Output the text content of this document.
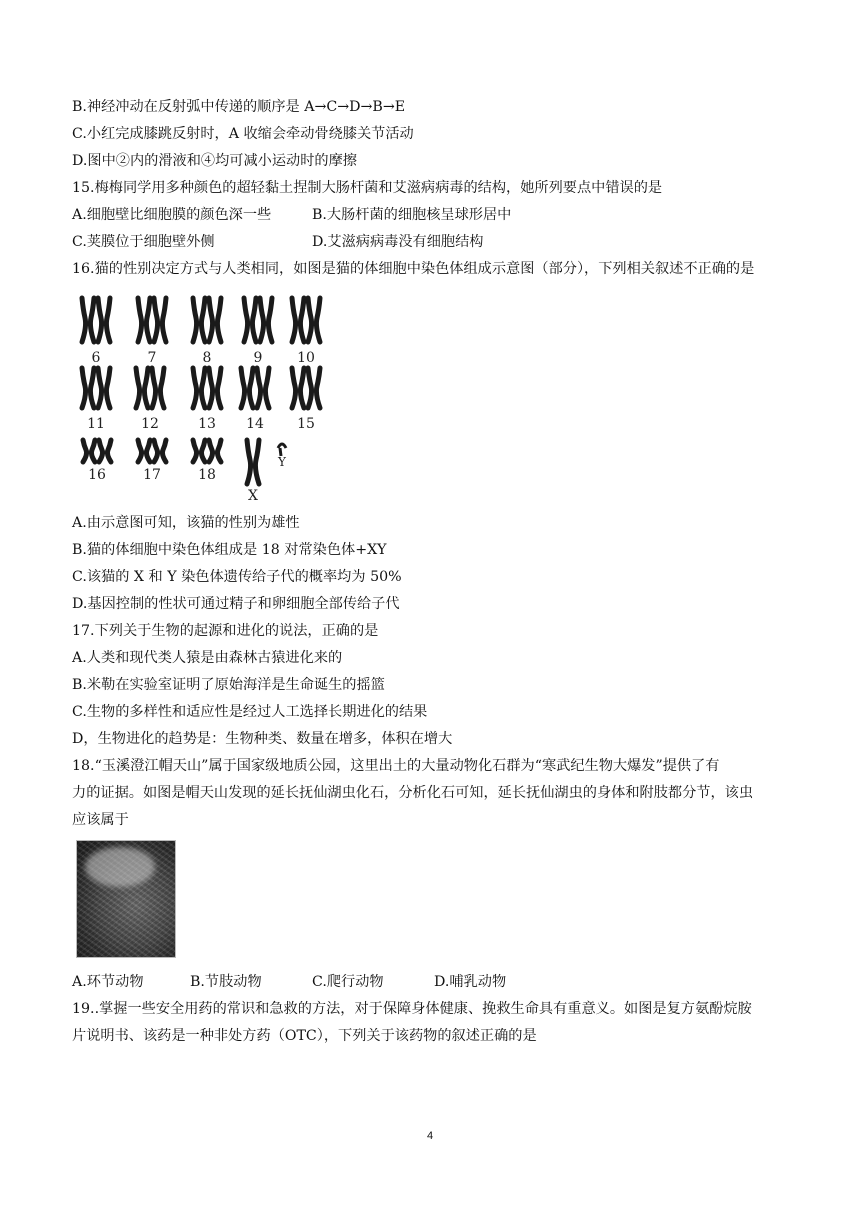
B.神经冲动在反射弧中传递的顺序是 A→C→D→B→E
C.小红完成膝跳反射时，A 收缩会牵动骨绕膝关节活动
D.图中②内的滑液和④均可减小运动时的摩擦
15.梅梅同学用多种颜色的超轻黏土捏制大肠杆菌和艾滋病病毒的结构，她所列要点中错误的是
A.细胞壁比细胞膜的颜色深一些	B.大肠杆菌的细胞核呈球形居中
C.荚膜位于细胞壁外侧	D.艾滋病病毒没有细胞结构
16.猫的性别决定方式与人类相同，如图是猫的体细胞中染色体组成示意图（部分），下列相关叙述不正确的是
6	7	8	9 10
11	12	13 14 15
16	17	18
X
Y
A.由示意图可知，该猫的性别为雄性
B.猫的体细胞中染色体组成是 18 对常染色体+XY
C.该猫的 X 和 Y 染色体遗传给子代的概率均为 50%
D.基因控制的性状可通过精子和卵细胞全部传给子代
17.下列关于生物的起源和进化的说法，正确的是
A.人类和现代类人猿是由森林古猿进化来的
B.米勒在实验室证明了原始海洋是生命诞生的摇篮
C.生物的多样性和适应性是经过人工选择长期进化的结果
D，生物进化的趋势是：生物种类、数量在增多，体积在增大
18.“玉溪澄江帽天山”属于国家级地质公园，这里出土的大量动物化石群为“寒武纪生物大爆发”提供了有
力的证据。如图是帽天山发现的延长抚仙湖虫化石，分析化石可知，延长抚仙湖虫的身体和附肢都分节，该虫
应该属于
A.环节动物	B.节肢动物	C.爬行动物	D.哺乳动物
19..掌握一些安全用药的常识和急救的方法，对于保障身体健康、挽救生命具有重意义。如图是复方氨酚烷胺
片说明书、该药是一种非处方药（OTC），下列关于该药物的叙述正确的是
4
